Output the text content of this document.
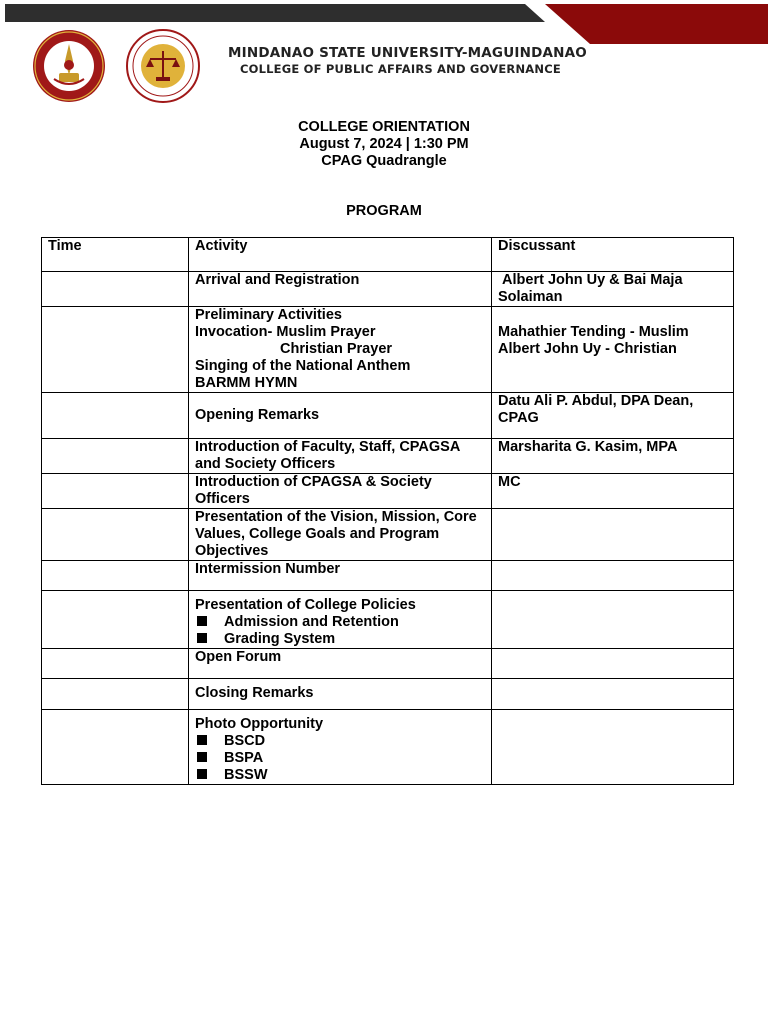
MINDANAO STATE UNIVERSITY-MAGUINDANAO
COLLEGE OF PUBLIC AFFAIRS AND GOVERNANCE
COLLEGE ORIENTATION
August 7, 2024 | 1:30 PM
CPAG Quadrangle
PROGRAM
Time	Activity	Discussant

	Arrival and Registration	Albert John Uy & Bai Maja Solaiman

	Preliminary Activities
Invocation- Muslim Prayer
Christian Prayer
Singing of the National Anthem
BARMM HYMN	Mahathier Tending - Muslim
Albert John Uy - Christian

	Opening Remarks	Datu Ali P. Abdul, DPA Dean, CPAG
	Introduction of Faculty, Staff, CPAGSA and Society Officers	Marsharita G. Kasim, MPA
	Introduction of CPAGSA & Society Officers	MC
	Presentation of the Vision, Mission, Core Values, College Goals and Program Objectives	
	Intermission Number	

	Presentation of College Policies
Admission and Retention
Grading System	

	Open Forum	
	Closing Remarks	

	Photo Opportunity
BSCD
BSPA
BSSW	
